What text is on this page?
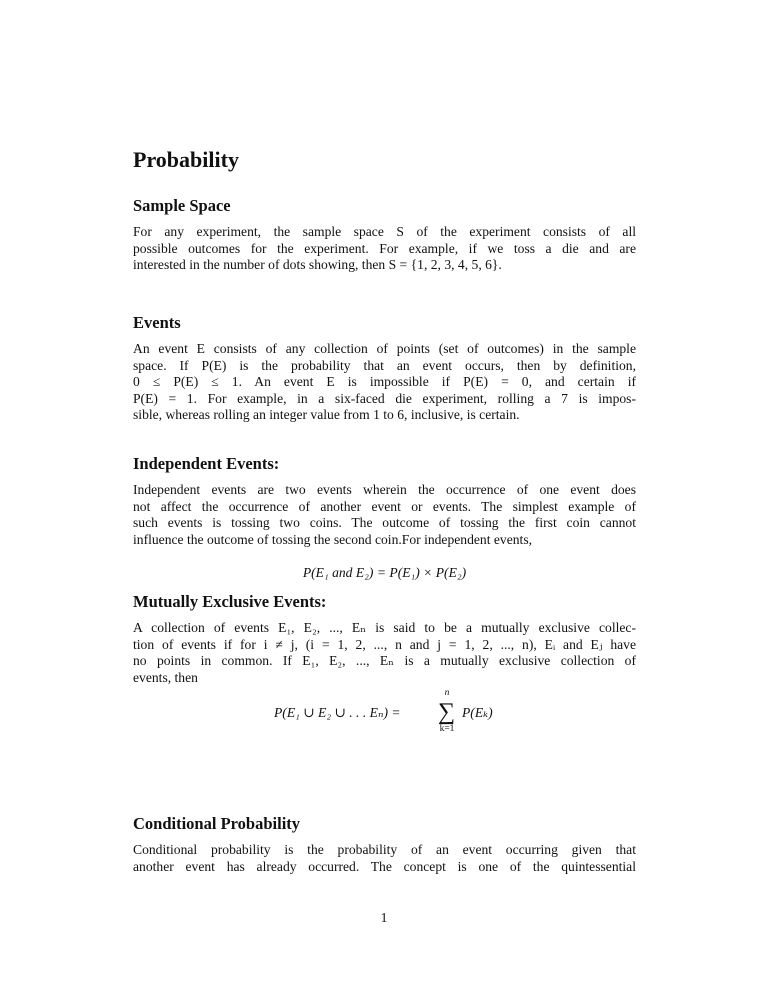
Probability
Sample Space
For any experiment, the sample space S of the experiment consists of all
possible outcomes for the experiment. For example, if we toss a die and are
interested in the number of dots showing, then S = {1, 2, 3, 4, 5, 6}.
Events
An event E consists of any collection of points (set of outcomes) in the sample
space. If P(E) is the probability that an event occurs, then by definition,
0 ≤ P(E) ≤ 1. An event E is impossible if P(E) = 0, and certain if
P(E) = 1. For example, in a six-faced die experiment, rolling a 7 is impos-
sible, whereas rolling an integer value from 1 to 6, inclusive, is certain.
Independent Events:
Independent events are two events wherein the occurrence of one event does
not affect the occurrence of another event or events. The simplest example of
such events is tossing two coins. The outcome of tossing the first coin cannot
influence the outcome of tossing the second coin.For independent events,
P(E₁ and E₂) = P(E₁) × P(E₂)
Mutually Exclusive Events:
A collection of events E₁, E₂, ..., Eₙ is said to be a mutually exclusive collec-
tion of events if for i ≠ j, (i = 1, 2, ..., n and j = 1, 2, ..., n), Eᵢ and Eⱼ have
no points in common. If E₁, E₂, ..., Eₙ is a mutually exclusive collection of
events, then
P(E₁ ∪ E₂ ∪ . . . Eₙ) =
n
∑
k=1
P(Eₖ)
Conditional Probability
Conditional probability is the probability of an event occurring given that
another event has already occurred. The concept is one of the quintessential
1
